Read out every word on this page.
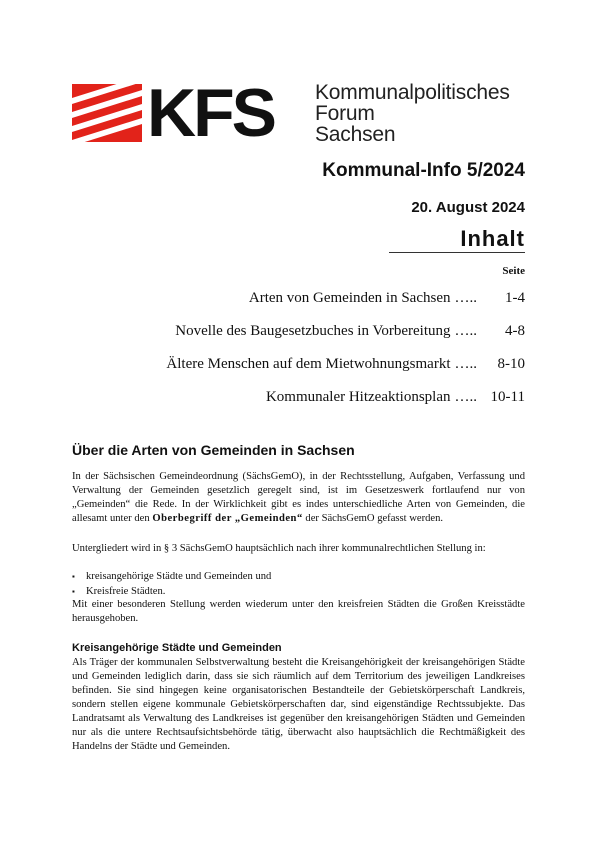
KFS Kommunalpolitisches
Forum
Sachsen
Kommunal-Info 5/2024
20. August 2024
Inhalt
Seite
Arten von Gemeinden in Sachsen …..	1-4
Novelle des Baugesetzbuches in Vorbereitung …..	4-8
Ältere Menschen auf dem Mietwohnungsmarkt …..	8-10
Kommunaler Hitzeaktionsplan ….. 10-11
Über die Arten von Gemeinden in Sachsen
In der Sächsischen Gemeindeordnung (SächsGemO), in der Rechtsstellung, Aufgaben, Verfassung und Verwaltung der Gemeinden gesetzlich geregelt sind, ist im Gesetzeswerk fortlaufend nur von „Gemeinden“ die Rede. In der Wirklichkeit gibt es indes unterschiedliche Arten von Gemeinden, die allesamt unter den Oberbegriff der „Gemeinden“ der SächsGemO gefasst werden.
Untergliedert wird in § 3 SächsGemO hauptsächlich nach ihrer kommunalrechtlichen Stellung in:
▪	kreisangehörige Städte und Gemeinden und
▪	Kreisfreie Städten.
Mit einer besonderen Stellung werden wiederum unter den kreisfreien Städten die Großen Kreisstädte herausgehoben.
Kreisangehörige Städte und Gemeinden
Als Träger der kommunalen Selbstverwaltung besteht die Kreisangehörigkeit der kreisangehörigen Städte und Gemeinden lediglich darin, dass sie sich räumlich auf dem Territorium des jeweiligen Landkreises befinden. Sie sind hingegen keine organisatorischen Bestandteile der Gebietskörperschaft Landkreis, sondern stellen eigene kommunale Gebietskörperschaften dar, sind eigenständige Rechtssubjekte. Das Landratsamt als Verwaltung des Landkreises ist gegenüber den kreisangehörigen Städten und Gemeinden nur als die untere Rechtsaufsichtsbehörde tätig, überwacht also hauptsächlich die Rechtmäßigkeit des Handelns der Städte und Gemeinden.
